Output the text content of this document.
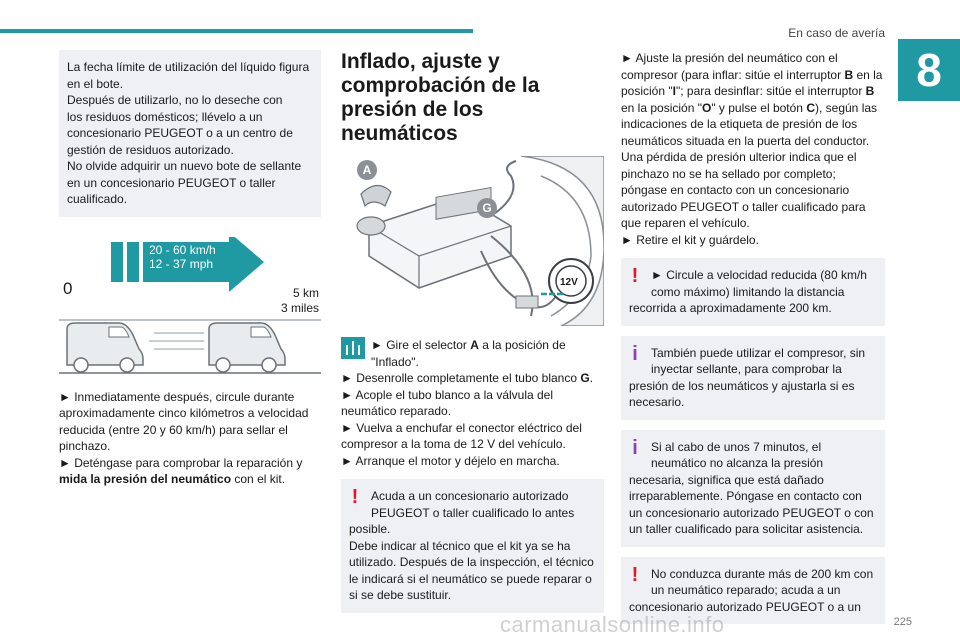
En caso de avería
8

La fecha límite de utilización del líquido figura

en el bote.

Después de utilizarlo, no lo deseche con

los residuos domésticos; llévelo a un

concesionario PEUGEOT o a un centro de

gestión de residuos autorizado.

No olvide adquirir un nuevo bote de sellante

en un concesionario PEUGEOT o taller

cualificado.

20 - 60 km/h
12 - 37 mph
0	5 km
3 miles

► Inmediatamente después, circule durante aproximadamente cinco kilómetros a velocidad reducida (entre 20 y 60 km/h) para sellar el pinchazo.

► Deténgase para comprobar la reparación y mida la presión del neumático con el kit.

Inflado, ajuste y comprobación de la presión de los neumáticos
A
G
12V
► Gire el selector A a la posición de "Inflado".

► Desenrolle completamente el tubo blanco G.

► Acople el tubo blanco a la válvula del neumático reparado.

► Vuelva a enchufar el conector eléctrico del compresor a la toma de 12 V del vehículo.

► Arranque el motor y déjelo en marcha.

!	Acuda a un concesionario autorizado PEUGEOT o taller cualificado lo antes

posible.

Debe indicar al técnico que el kit ya se ha utilizado. Después de la inspección, el técnico le indicará si el neumático se puede reparar o si se debe sustituir.

► Ajuste la presión del neumático con el compresor (para inflar: sitúe el interruptor B en la posición "I"; para desinflar: sitúe el interruptor B en la posición "O" y pulse el botón C), según las indicaciones de la etiqueta de presión de los neumáticos situada en la puerta del conductor.

Una pérdida de presión ulterior indica que el pinchazo no se ha sellado por completo; póngase en contacto con un concesionario autorizado PEUGEOT o taller cualificado para que reparen el vehículo.

► Retire el kit y guárdelo.

!	► Circule a velocidad reducida (80 km/h como máximo) limitando la distancia

recorrida a aproximadamente 200 km.

i	También puede utilizar el compresor, sin inyectar sellante, para comprobar la

presión de los neumáticos y ajustarla si es necesario.

i	Si al cabo de unos 7 minutos, el neumático no alcanza la presión

necesaria, significa que está dañado irreparablemente. Póngase en contacto con un concesionario autorizado PEUGEOT o con un taller cualificado para solicitar asistencia.

!	No conduzca durante más de 200 km con un neumático reparado; acuda a un

concesionario autorizado PEUGEOT o a un

225
carmanualsonline.info
